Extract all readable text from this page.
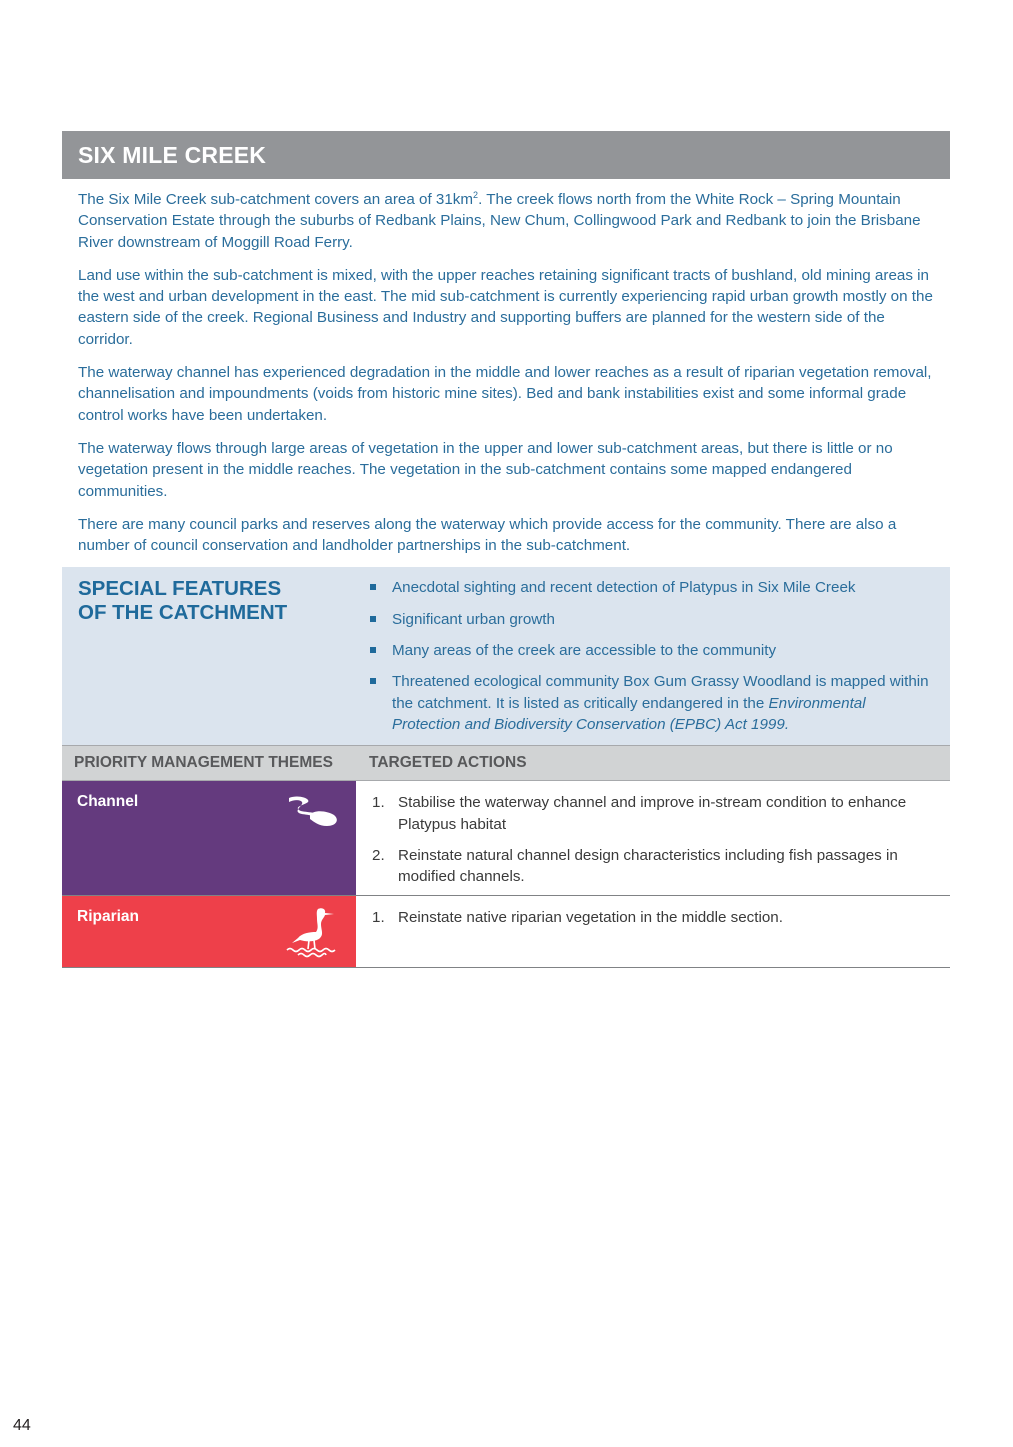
SIX MILE CREEK

The Six Mile Creek sub-catchment covers an area of $31km^2$. The creek flows north from the White Rock – Spring Mountain Conservation Estate through the suburbs of Redbank Plains, New Chum, Collingwood Park and Redbank to join the Brisbane River downstream of Moggill Road Ferry.

Land use within the sub-catchment is mixed, with the upper reaches retaining significant tracts of bushland, old mining areas in the west and urban development in the east. The mid sub-catchment is currently experiencing rapid urban growth mostly on the eastern side of the creek. Regional Business and Industry and supporting buffers are planned for the western side of the corridor.

The waterway channel has experienced degradation in the middle and lower reaches as a result of riparian vegetation removal, channelisation and impoundments (voids from historic mine sites). Bed and bank instabilities exist and some informal grade control works have been undertaken.

The waterway flows through large areas of vegetation in the upper and lower sub-catchment areas, but there is little or no vegetation present in the middle reaches. The vegetation in the sub-catchment contains some mapped endangered communities.

There are many council parks and reserves along the waterway which provide access for the community. There are also a number of council conservation and landholder partnerships in the sub-catchment.

SPECIAL FEATURES
OF THE CATCHMENT
Anecdotal sighting and recent detection of Platypus in Six Mile Creek
Significant urban growth
Many areas of the creek are accessible to the community
Threatened ecological community Box Gum Grassy Woodland is mapped within the catchment. It is listed as critically endangered in the Environmental Protection and Biodiversity Conservation (EPBC) Act 1999.
PRIORITY MANAGEMENT THEMES	TARGETED ACTIONS
Channel	1. Stabilise the waterway channel and improve in-stream condition to enhance Platypus habitat
2. Reinstate natural channel design characteristics including fish passages in modified channels.
Riparian	1. Reinstate native riparian vegetation in the middle section.
44
